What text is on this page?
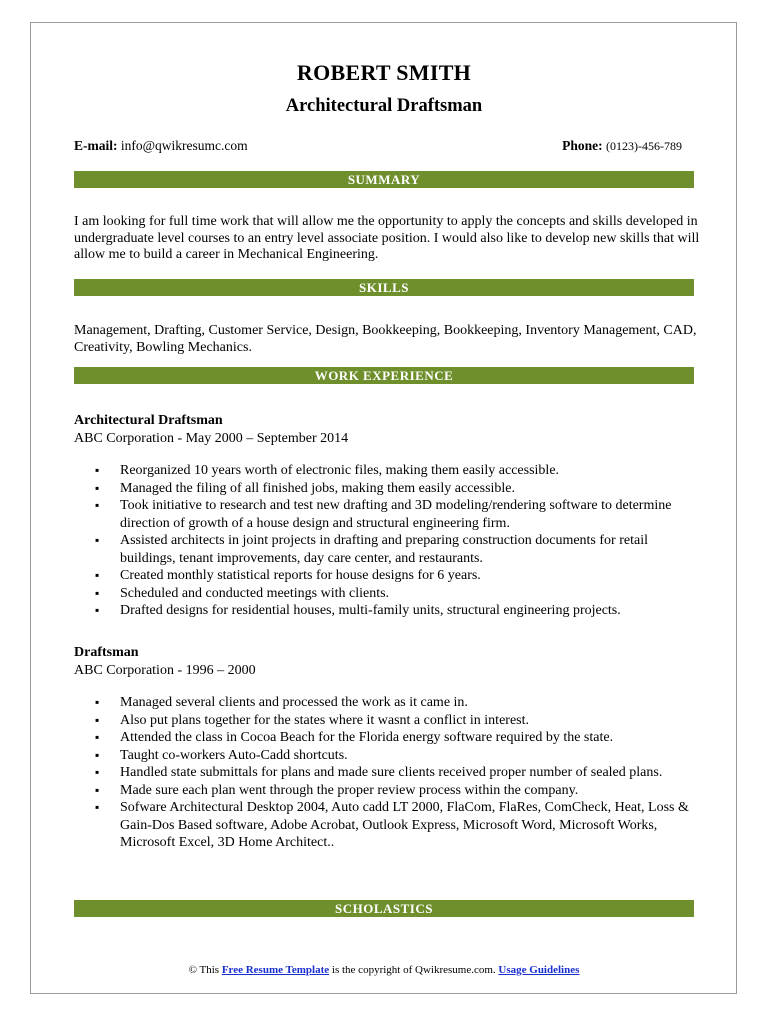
ROBERT SMITH
Architectural Draftsman
E-mail: info@qwikresumc.com	Phone: (0123)-456-789
SUMMARY
I am looking for full time work that will allow me the opportunity to apply the concepts and skills developed in undergraduate level courses to an entry level associate position. I would also like to develop new skills that will allow me to build a career in Mechanical Engineering.
SKILLS
Management, Drafting, Customer Service, Design, Bookkeeping, Bookkeeping, Inventory Management, CAD, Creativity, Bowling Mechanics.
WORK EXPERIENCE
Architectural Draftsman
ABC Corporation - May 2000 – September 2014
▪ Reorganized 10 years worth of electronic files, making them easily accessible.
▪ Managed the filing of all finished jobs, making them easily accessible.
▪ Took initiative to research and test new drafting and 3D modeling/rendering software to determine direction of growth of a house design and structural engineering firm.
▪ Assisted architects in joint projects in drafting and preparing construction documents for retail buildings, tenant improvements, day care center, and restaurants.
▪ Created monthly statistical reports for house designs for 6 years.
▪ Scheduled and conducted meetings with clients.
▪ Drafted designs for residential houses, multi-family units, structural engineering projects.
Draftsman
ABC Corporation - 1996 – 2000
▪ Managed several clients and processed the work as it came in.
▪ Also put plans together for the states where it wasnt a conflict in interest.
▪ Attended the class in Cocoa Beach for the Florida energy software required by the state.
▪ Taught co-workers Auto-Cadd shortcuts.
▪ Handled state submittals for plans and made sure clients received proper number of sealed plans.
▪ Made sure each plan went through the proper review process within the company.
▪ Sofware Architectural Desktop 2004, Auto cadd LT 2000, FlaCom, FlaRes, ComCheck, Heat, Loss & Gain-Dos Based software, Adobe Acrobat, Outlook Express, Microsoft Word, Microsoft Works, Microsoft Excel, 3D Home Architect..
SCHOLASTICS
© This Free Resume Template is the copyright of Qwikresume.com. Usage Guidelines
